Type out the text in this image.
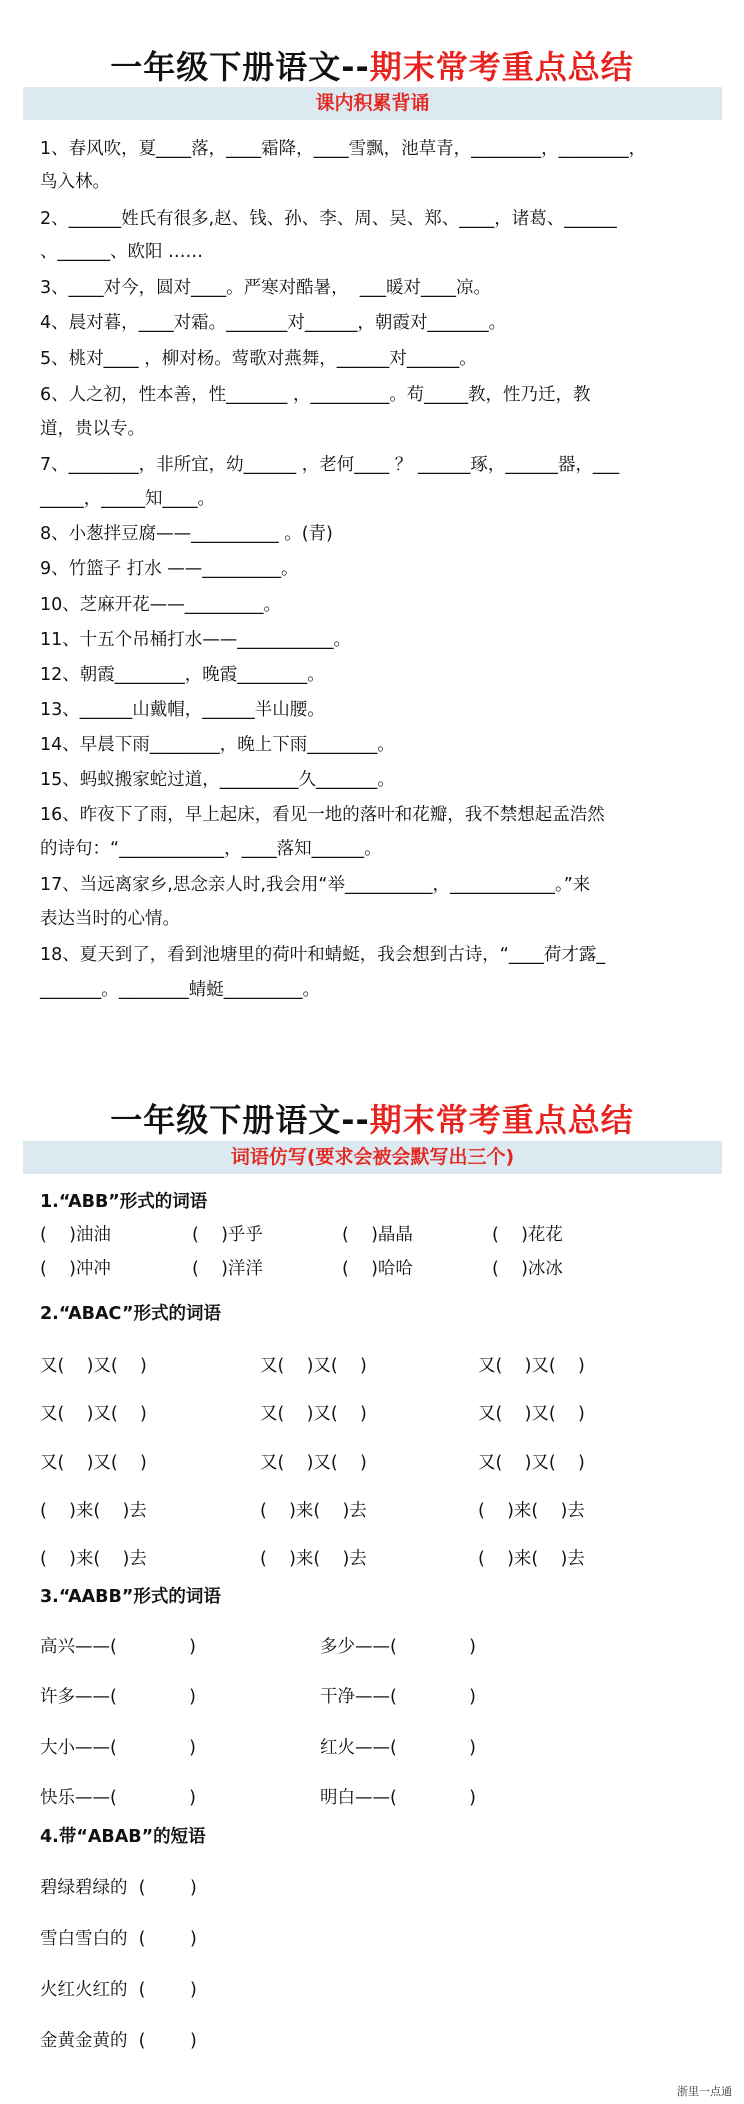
一年级下册语文--期末常考重点总结
课内积累背诵
1、春风吹，夏____落，____霜降，____雪飘，池草青，________，________，
鸟入林。
2、______姓氏有很多,赵、钱、孙、李、周、吴、郑、____，诸葛、______
、______、欧阳 ……
3、____对今，圆对____。严寒对酷暑，  ___暖对____凉。
4、晨对暮，____对霜。_______对______，朝霞对_______。
5、桃对____ ，柳对杨。莺歌对燕舞，______对______。
6、人之初，性本善，性_______ ，_________。苟_____教，性乃迁，教
道，贵以专。
7、________，非所宜，幼______ ，老何____ ？ ______琢，______器，___
_____，_____知____。
8、小葱拌豆腐——__________ 。(青)
9、竹篮子 打水 ——_________。
10、芝麻开花——_________。
11、十五个吊桶打水——___________。
12、朝霞________，晚霞________。
13、______山戴帽，______半山腰。
14、早晨下雨________，晚上下雨________。
15、蚂蚁搬家蛇过道，_________久_______。
16、昨夜下了雨，早上起床，看见一地的落叶和花瓣，我不禁想起孟浩然
的诗句：“____________，____落知______。
17、当远离家乡,思念亲人时,我会用“举__________，____________。”来
表达当时的心情。
18、夏天到了，看到池塘里的荷叶和蜻蜓，我会想到古诗，“____荷才露_
_______。________蜻蜓_________。
一年级下册语文--期末常考重点总结
词语仿写(要求会被会默写出三个)
1.“ABB”形式的词语
(    )油油	(    )乎乎	(    )晶晶	(    )花花
(    )冲冲	(    )洋洋	(    )哈哈	(    )冰冰
2.“ABAC”形式的词语
又(    )又(    )	又(    )又(    )	又(    )又(    )
又(    )又(    )	又(    )又(    )	又(    )又(    )
又(    )又(    )	又(    )又(    )	又(    )又(    )
(    )来(    )去	(    )来(    )去	(    )来(    )去
(    )来(    )去	(    )来(    )去	(    )来(    )去
3.“AABB”形式的词语
高兴——(             )	多少——(             )
许多——(             )	干净——(             )
大小——(             )	红火——(             )
快乐——(             )	明白——(             )
4.带“ABAB”的短语
碧绿碧绿的  (        )
雪白雪白的  (        )
火红火红的  (        )
金黄金黄的  (        )
浙里一点通
